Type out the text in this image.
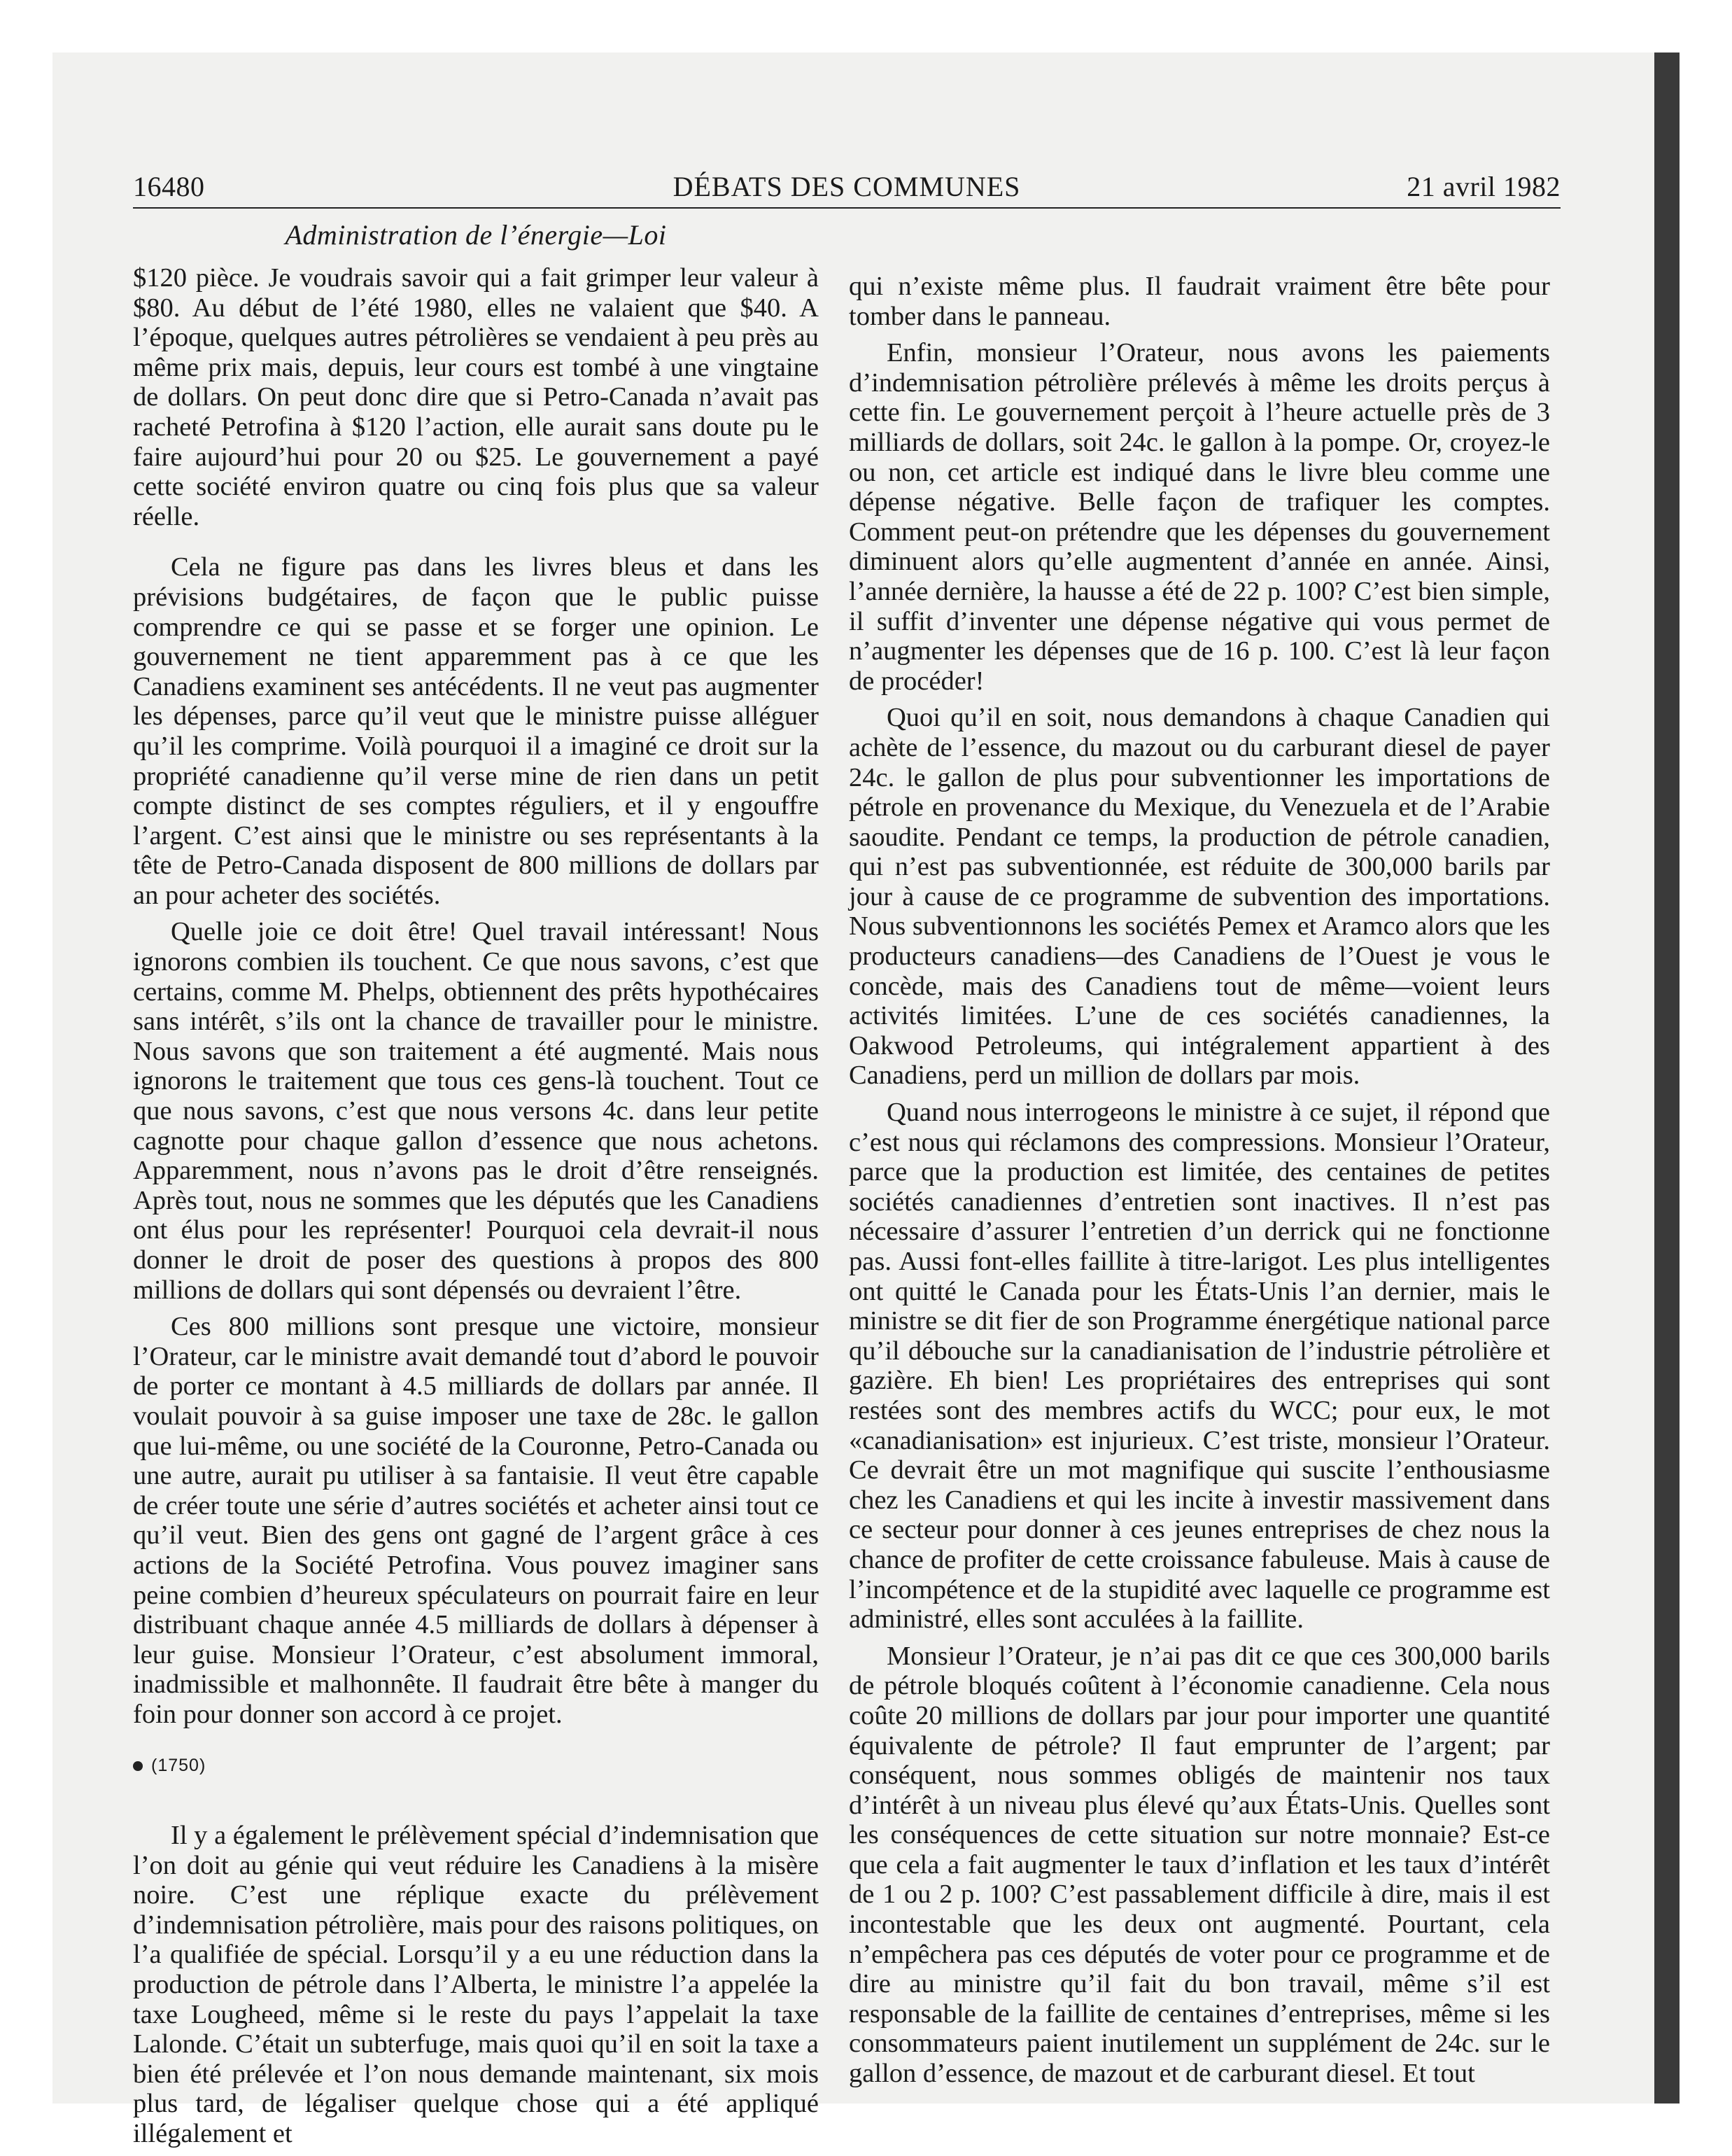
16480	DÉBATS DES COMMUNES	21 avril 1982
Administration de l’énergie—Loi

$120 pièce. Je voudrais savoir qui a fait grimper leur valeur à $80. Au début de l’été 1980, elles ne valaient que $40. A l’époque, quelques autres pétrolières se vendaient à peu près au même prix mais, depuis, leur cours est tombé à une vingtaine de dollars. On peut donc dire que si Petro-Canada n’avait pas racheté Petrofina à $120 l’action, elle aurait sans doute pu le faire aujourd’hui pour 20 ou $25. Le gouvernement a payé cette société environ quatre ou cinq fois plus que sa valeur réelle.

Cela ne figure pas dans les livres bleus et dans les prévisions budgétaires, de façon que le public puisse comprendre ce qui se passe et se forger une opinion. Le gouvernement ne tient apparemment pas à ce que les Canadiens examinent ses antécédents. Il ne veut pas augmenter les dépenses, parce qu’il veut que le ministre puisse alléguer qu’il les comprime. Voilà pourquoi il a imaginé ce droit sur la propriété canadienne qu’il verse mine de rien dans un petit compte distinct de ses comptes réguliers, et il y engouffre l’argent. C’est ainsi que le ministre ou ses représentants à la tête de Petro-Canada disposent de 800 millions de dollars par an pour acheter des sociétés.

Quelle joie ce doit être! Quel travail intéressant! Nous ignorons combien ils touchent. Ce que nous savons, c’est que certains, comme M. Phelps, obtiennent des prêts hypothécaires sans intérêt, s’ils ont la chance de travailler pour le ministre. Nous savons que son traitement a été augmenté. Mais nous ignorons le traitement que tous ces gens-là touchent. Tout ce que nous savons, c’est que nous versons 4c. dans leur petite cagnotte pour chaque gallon d’essence que nous achetons. Apparemment, nous n’avons pas le droit d’être renseignés. Après tout, nous ne sommes que les députés que les Canadiens ont élus pour les représenter! Pourquoi cela devrait-il nous donner le droit de poser des questions à propos des 800 millions de dollars qui sont dépensés ou devraient l’être.

Ces 800 millions sont presque une victoire, monsieur l’Orateur, car le ministre avait demandé tout d’abord le pouvoir de porter ce montant à 4.5 milliards de dollars par année. Il voulait pouvoir à sa guise imposer une taxe de 28c. le gallon que lui-même, ou une société de la Couronne, Petro-Canada ou une autre, aurait pu utiliser à sa fantaisie. Il veut être capable de créer toute une série d’autres sociétés et acheter ainsi tout ce qu’il veut. Bien des gens ont gagné de l’argent grâce à ces actions de la Société Petrofina. Vous pouvez imaginer sans peine combien d’heureux spéculateurs on pourrait faire en leur distribuant chaque année 4.5 milliards de dollars à dépenser à leur guise. Monsieur l’Orateur, c’est absolument immoral, inadmissible et malhonnête. Il faudrait être bête à manger du foin pour donner son accord à ce projet.

(1750)

Il y a également le prélèvement spécial d’indemnisation que l’on doit au génie qui veut réduire les Canadiens à la misère noire. C’est une réplique exacte du prélèvement d’indemnisation pétrolière, mais pour des raisons politiques, on l’a qualifiée de spécial. Lorsqu’il y a eu une réduction dans la production de pétrole dans l’Alberta, le ministre l’a appelée la taxe Lougheed, même si le reste du pays l’appelait la taxe Lalonde. C’était un subterfuge, mais quoi qu’il en soit la taxe a bien été prélevée et l’on nous demande maintenant, six mois plus tard, de légaliser quelque chose qui a été appliqué illégalement et

qui n’existe même plus. Il faudrait vraiment être bête pour tomber dans le panneau.

Enfin, monsieur l’Orateur, nous avons les paiements d’indemnisation pétrolière prélevés à même les droits perçus à cette fin. Le gouvernement perçoit à l’heure actuelle près de 3 milliards de dollars, soit 24c. le gallon à la pompe. Or, croyez-le ou non, cet article est indiqué dans le livre bleu comme une dépense négative. Belle façon de trafiquer les comptes. Comment peut-on prétendre que les dépenses du gouvernement diminuent alors qu’elle augmentent d’année en année. Ainsi, l’année dernière, la hausse a été de 22 p. 100? C’est bien simple, il suffit d’inventer une dépense négative qui vous permet de n’augmenter les dépenses que de 16 p. 100. C’est là leur façon de procéder!

Quoi qu’il en soit, nous demandons à chaque Canadien qui achète de l’essence, du mazout ou du carburant diesel de payer 24c. le gallon de plus pour subventionner les importations de pétrole en provenance du Mexique, du Venezuela et de l’Arabie saoudite. Pendant ce temps, la production de pétrole canadien, qui n’est pas subventionnée, est réduite de 300,000 barils par jour à cause de ce programme de subvention des importations. Nous subventionnons les sociétés Pemex et Aramco alors que les producteurs canadiens—des Canadiens de l’Ouest je vous le concède, mais des Canadiens tout de même—voient leurs activités limitées. L’une de ces sociétés canadiennes, la Oakwood Petroleums, qui intégralement appartient à des Canadiens, perd un million de dollars par mois.

Quand nous interrogeons le ministre à ce sujet, il répond que c’est nous qui réclamons des compressions. Monsieur l’Orateur, parce que la production est limitée, des centaines de petites sociétés canadiennes d’entretien sont inactives. Il n’est pas nécessaire d’assurer l’entretien d’un derrick qui ne fonctionne pas. Aussi font-elles faillite à titre-larigot. Les plus intelligentes ont quitté le Canada pour les États-Unis l’an dernier, mais le ministre se dit fier de son Programme énergétique national parce qu’il débouche sur la canadianisation de l’industrie pétrolière et gazière. Eh bien! Les propriétaires des entreprises qui sont restées sont des membres actifs du WCC; pour eux, le mot «canadianisation» est injurieux. C’est triste, monsieur l’Orateur. Ce devrait être un mot magnifique qui suscite l’enthousiasme chez les Canadiens et qui les incite à investir massivement dans ce secteur pour donner à ces jeunes entreprises de chez nous la chance de profiter de cette croissance fabuleuse. Mais à cause de l’incompétence et de la stupidité avec laquelle ce programme est administré, elles sont acculées à la faillite.

Monsieur l’Orateur, je n’ai pas dit ce que ces 300,000 barils de pétrole bloqués coûtent à l’économie canadienne. Cela nous coûte 20 millions de dollars par jour pour importer une quantité équivalente de pétrole? Il faut emprunter de l’argent; par conséquent, nous sommes obligés de maintenir nos taux d’intérêt à un niveau plus élevé qu’aux États-Unis. Quelles sont les conséquences de cette situation sur notre monnaie? Est-ce que cela a fait augmenter le taux d’inflation et les taux d’intérêt de 1 ou 2 p. 100? C’est passablement difficile à dire, mais il est incontestable que les deux ont augmenté. Pourtant, cela n’empêchera pas ces députés de voter pour ce programme et de dire au ministre qu’il fait du bon travail, même s’il est responsable de la faillite de centaines d’entreprises, même si les consommateurs paient inutilement un supplément de 24c. sur le gallon d’essence, de mazout et de carburant diesel. Et tout
